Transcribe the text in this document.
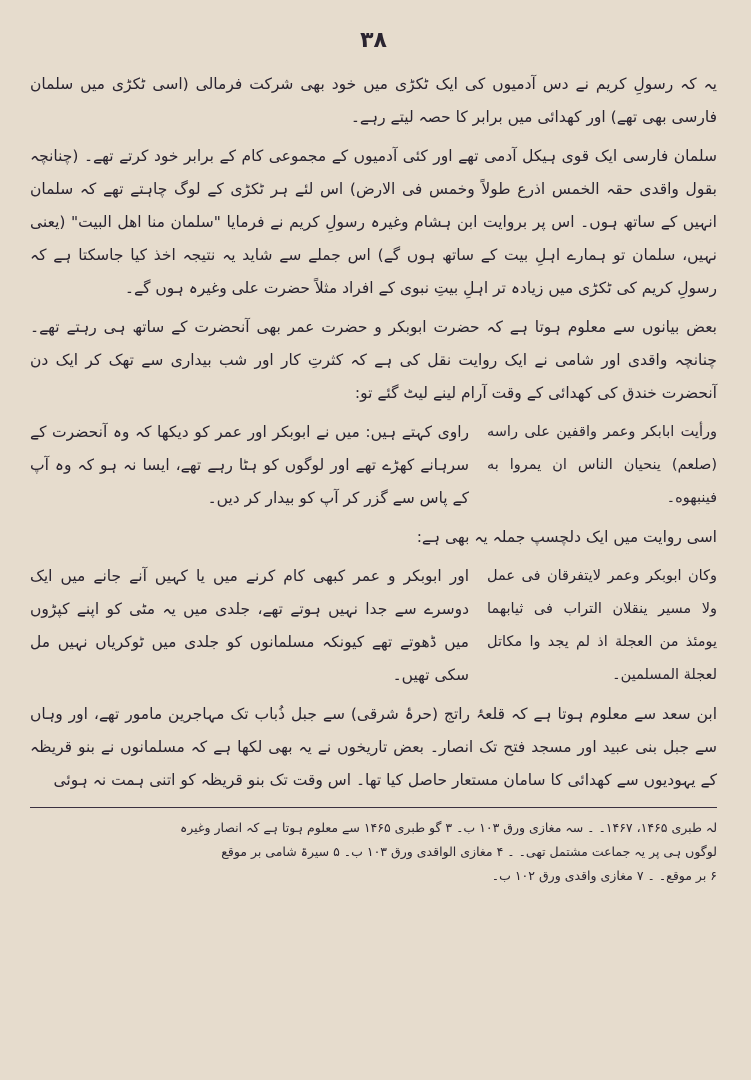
۳۸

یہ کہ رسولِ کریم نے دس آدمیوں کی ایک ٹکڑی میں خود بھی شرکت فرمالی (اسی ٹکڑی میں سلمان فارسی بھی تھے) اور کھدائی میں برابر کا حصہ لیتے رہے۔

سلمان فارسی ایک قوی ہیکل آدمی تھے اور کئی آدمیوں کے مجموعی کام کے برابر خود کرتے تھے۔ (چنانچہ بقول واقدی حقہ الخمس اذرع طولاً وخمس فی الارض) اس لئے ہر ٹکڑی کے لوگ چاہتے تھے کہ سلمان انہیں کے ساتھ ہوں۔ اس پر بروایت ابن ہشام وغیرہ رسولِ کریم نے فرمایا "سلمان منا اهل البیت" (یعنی نہیں، سلمان تو ہمارے اہلِ بیت کے ساتھ ہوں گے) اس جملے سے شاید یہ نتیجہ اخذ کیا جاسکتا ہے کہ رسولِ کریم کی ٹکڑی میں زیادہ تر اہلِ بیتِ نبوی کے افراد مثلاً حضرت علی وغیرہ ہوں گے۔

بعض بیانوں سے معلوم ہوتا ہے کہ حضرت ابوبکر و حضرت عمر بھی آنحضرت کے ساتھ ہی رہتے تھے۔ چنانچہ واقدی اور شامی نے ایک روایت نقل کی ہے کہ کثرتِ کار اور شب بیداری سے تھک کر ایک دن آنحضرت خندق کی کھدائی کے وقت آرام لینے لیٹ گئے تو:

ورأیت ابابکر وعمر واقفین علی راسه (صلعم) ینحیان الناس ان یمروا به فینبهوه۔
راوی کہتے ہیں: میں نے ابوبکر اور عمر کو دیکھا کہ وہ آنحضرت کے سرہانے کھڑے تھے اور لوگوں کو ہٹا رہے تھے، ایسا نہ ہو کہ وہ آپ کے پاس سے گزر کر آپ کو بیدار کر دیں۔

اسی روایت میں ایک دلچسپ جملہ یہ بھی ہے:

وکان ابوبکر وعمر لایتفرقان فی عمل ولا مسیر ینقلان التراب فی ثیابهما یومئذ من العجلة اذ لم یجد وا مکاتل لعجلة المسلمین۔
اور ابوبکر و عمر کبھی کام کرنے میں یا کہیں آنے جانے میں ایک دوسرے سے جدا نہیں ہوتے تھے، جلدی میں یہ مٹی کو اپنے کپڑوں میں ڈھوتے تھے کیونکہ مسلمانوں کو جلدی میں ٹوکریاں نہیں مل سکی تھیں۔

ابن سعد سے معلوم ہوتا ہے کہ قلعۂ راتج (حرۂ شرقی) سے جبل ذُباب تک مہاجرین مامور تھے، اور وہاں سے جبل بنی عبید اور مسجد فتح تک انصار۔ بعض تاریخوں نے یہ بھی لکھا ہے کہ مسلمانوں نے بنو قریظہ کے یہودیوں سے کھدائی کا سامان مستعار حاصل کیا تھا۔ اس وقت تک بنو قریظہ کو اتنی ہمت نہ ہوئی

لہ طبری ۱۴۶۵، ۱۴۶۷۔ ۔ سہ مغازی ورق ۱۰۳ ب۔ ۳ گو طبری ۱۴۶۵ سے معلوم ہوتا ہے کہ انصار وغیرہ

لوگوں ہی پر یہ جماعت مشتمل تھی۔ ۔ ۴ مغازی الواقدی ورق ۱۰۳ ب۔ ۵ سیرۃ شامی بر موقع

۶ بر موقع۔ ۔ ۷ مغازی واقدی ورق ۱۰۲ ب۔
